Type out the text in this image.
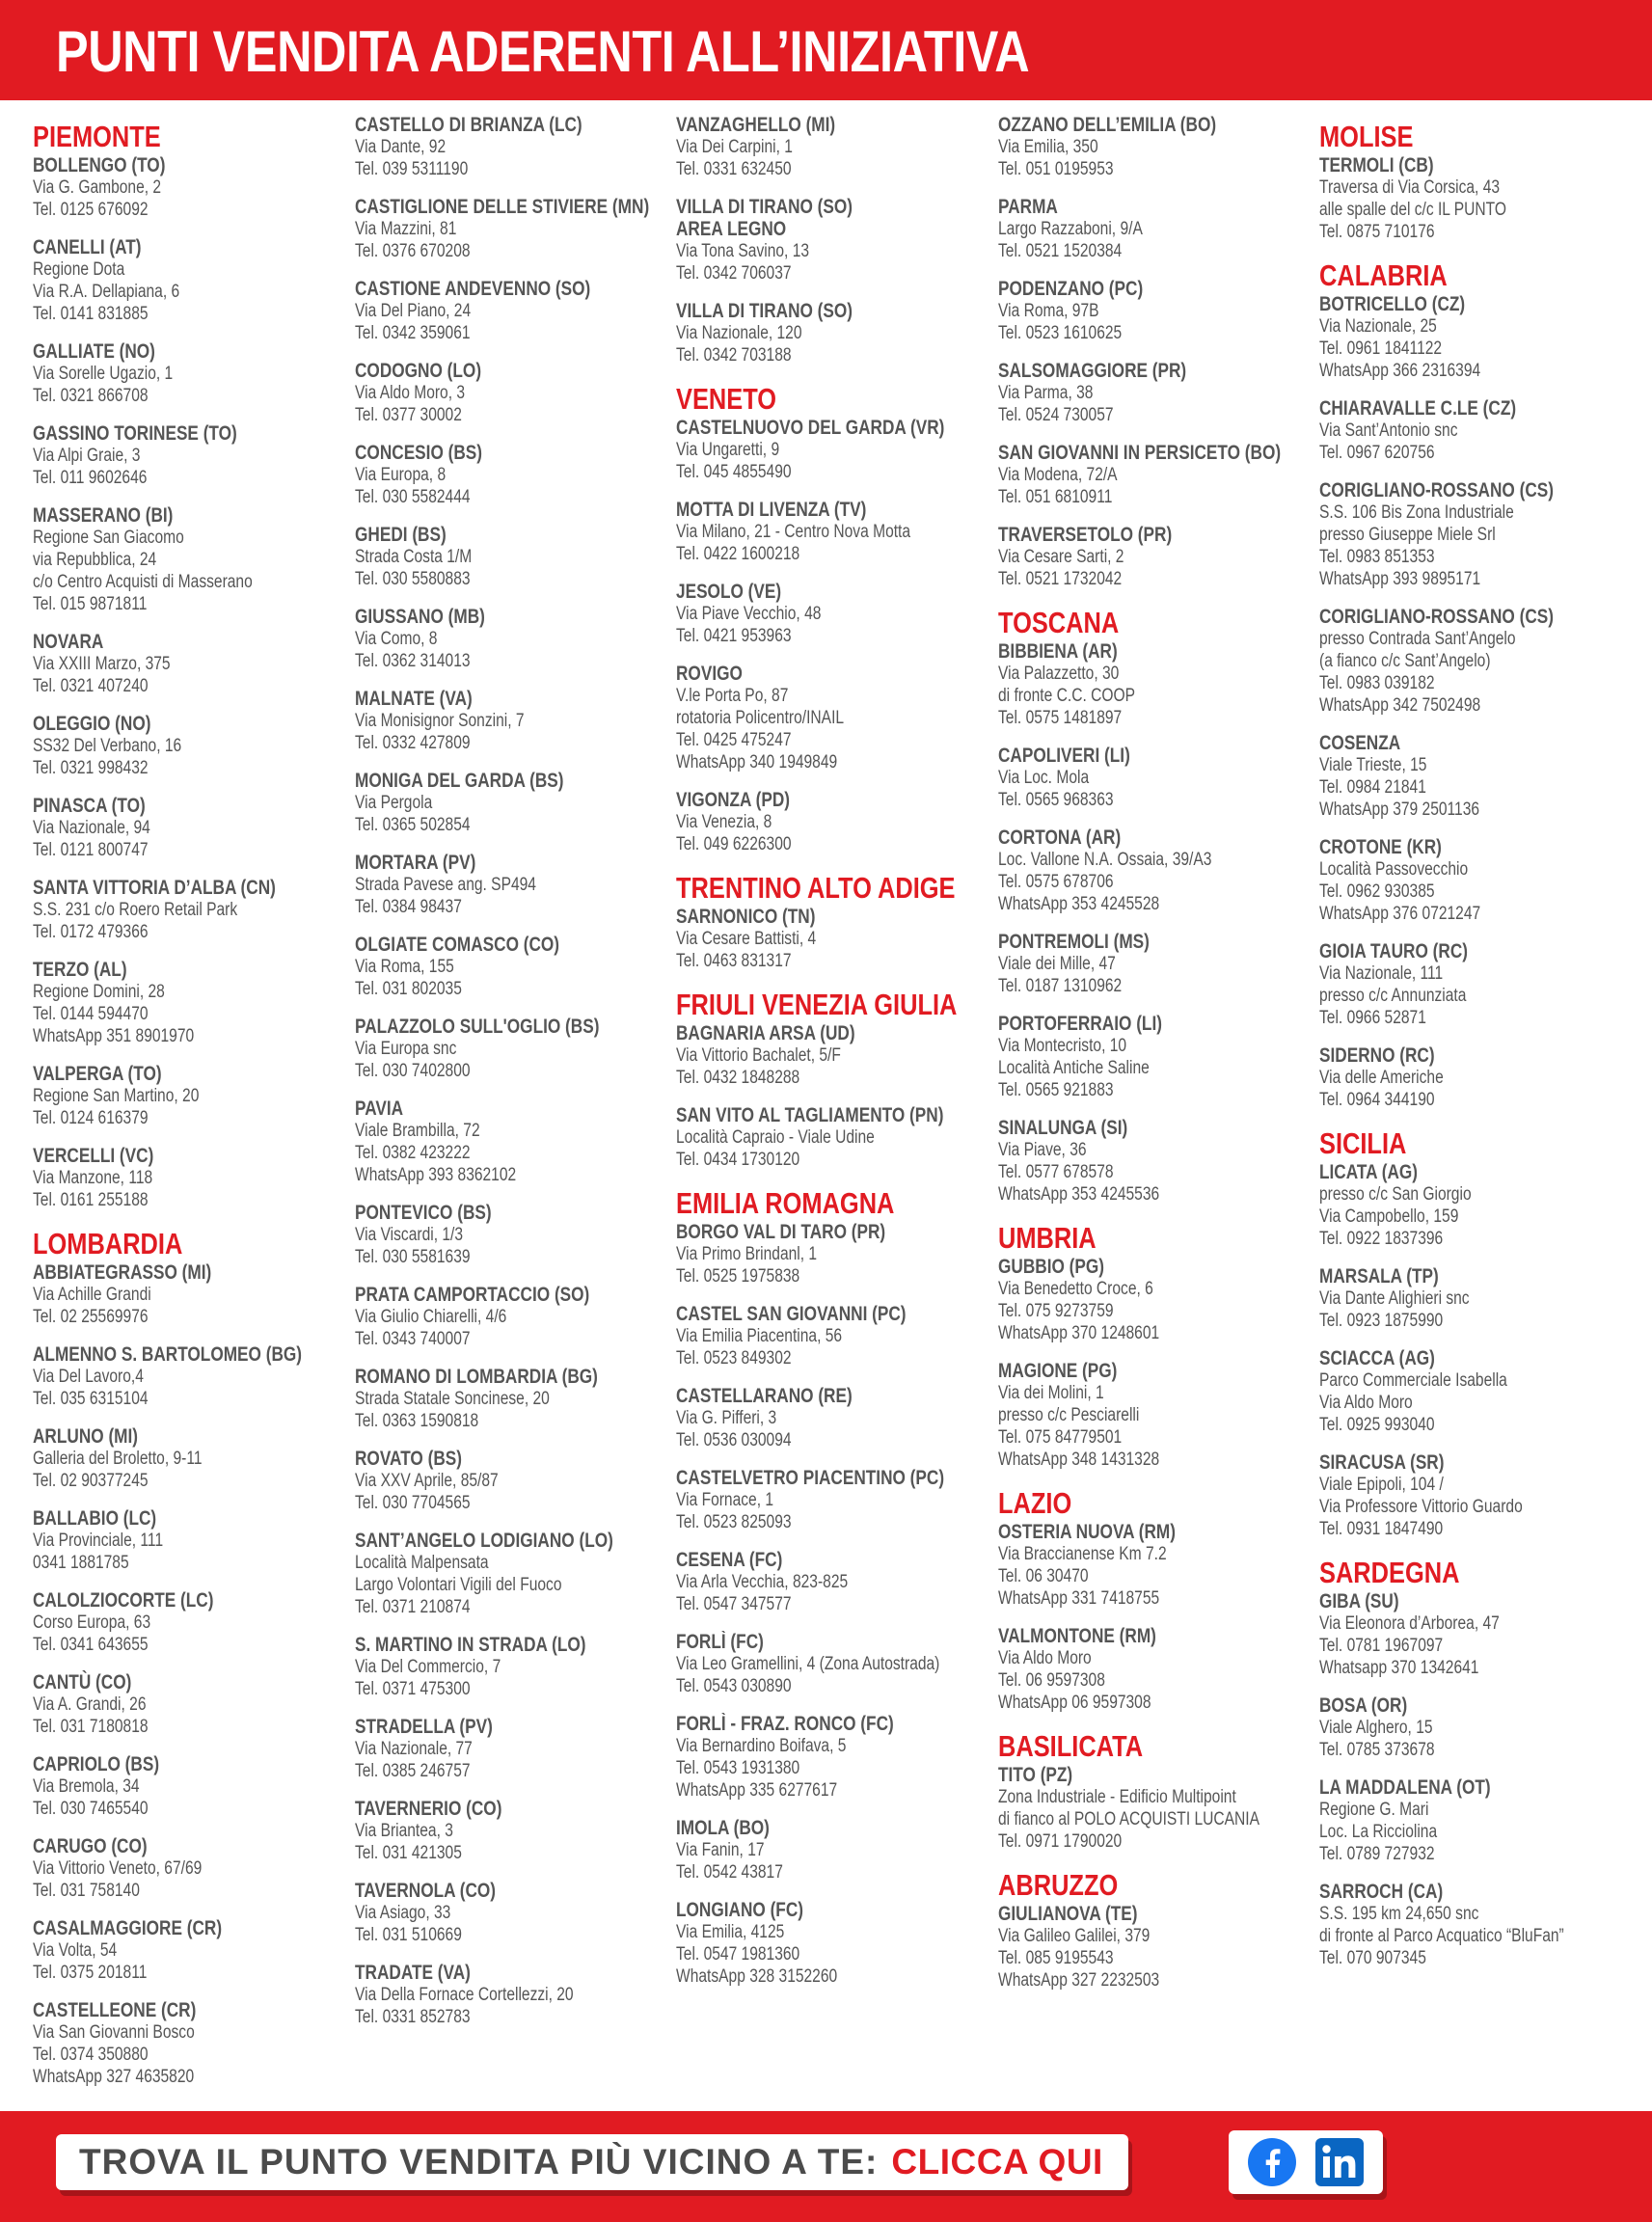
PUNTI VENDITA ADERENTI ALL’INIZIATIVA
PIEMONTE
BOLLENGO (TO)
Via G. Gambone, 2
Tel. 0125 676092
CANELLI (AT)
Regione Dota
Via R.A. Dellapiana, 6
Tel. 0141 831885
GALLIATE (NO)
Via Sorelle Ugazio, 1
Tel. 0321 866708
GASSINO TORINESE (TO)
Via Alpi Graie, 3
Tel. 011 9602646
MASSERANO (BI)
Regione San Giacomo
via Repubblica, 24
c/o Centro Acquisti di Masserano
Tel. 015 9871811
NOVARA
Via XXIII Marzo, 375
Tel. 0321 407240
OLEGGIO (NO)
SS32 Del Verbano, 16
Tel. 0321 998432
PINASCA (TO)
Via Nazionale, 94
Tel. 0121 800747
SANTA VITTORIA D’ALBA (CN)
S.S. 231 c/o Roero Retail Park
Tel. 0172 479366
TERZO (AL)
Regione Domini, 28
Tel. 0144 594470
WhatsApp 351 8901970
VALPERGA (TO)
Regione San Martino, 20
Tel. 0124 616379
VERCELLI (VC)
Via Manzone, 118
Tel. 0161 255188
LOMBARDIA
ABBIATEGRASSO (MI)
Via Achille Grandi
Tel. 02 25569976
ALMENNO S. BARTOLOMEO (BG)
Via Del Lavoro,4
Tel. 035 6315104
ARLUNO (MI)
Galleria del Broletto, 9-11
Tel. 02 90377245
BALLABIO (LC)
Via Provinciale, 111
0341 1881785
CALOLZIOCORTE (LC)
Corso Europa, 63
Tel. 0341 643655
CANTÙ (CO)
Via A. Grandi, 26
Tel. 031 7180818
CAPRIOLO (BS)
Via Bremola, 34
Tel. 030 7465540
CARUGO (CO)
Via Vittorio Veneto, 67/69
Tel. 031 758140
CASALMAGGIORE (CR)
Via Volta, 54
Tel. 0375 201811
CASTELLEONE (CR)
Via San Giovanni Bosco
Tel. 0374 350880
WhatsApp 327 4635820
CASTELLO DI BRIANZA (LC)
Via Dante, 92
Tel. 039 5311190
CASTIGLIONE DELLE STIVIERE (MN)
Via Mazzini, 81
Tel. 0376 670208
CASTIONE ANDEVENNO (SO)
Via Del Piano, 24
Tel. 0342 359061
CODOGNO (LO)
Via Aldo Moro, 3
Tel. 0377 30002
CONCESIO (BS)
Via Europa, 8
Tel. 030 5582444
GHEDI (BS)
Strada Costa 1/M
Tel. 030 5580883
GIUSSANO (MB)
Via Como, 8
Tel. 0362 314013
MALNATE (VA)
Via Monisignor Sonzini, 7
Tel. 0332 427809
MONIGA DEL GARDA (BS)
Via Pergola
Tel. 0365 502854
MORTARA (PV)
Strada Pavese ang. SP494
Tel. 0384 98437
OLGIATE COMASCO (CO)
Via Roma, 155
Tel. 031 802035
PALAZZOLO SULL'OGLIO (BS)
Via Europa snc
Tel. 030 7402800
PAVIA
Viale Brambilla, 72
Tel. 0382 423222
WhatsApp 393 8362102
PONTEVICO (BS)
Via Viscardi, 1/3
Tel. 030 5581639
PRATA CAMPORTACCIO (SO)
Via Giulio Chiarelli, 4/6
Tel. 0343 740007
ROMANO DI LOMBARDIA (BG)
Strada Statale Soncinese, 20
Tel. 0363 1590818
ROVATO (BS)
Via XXV Aprile, 85/87
Tel. 030 7704565
SANT’ANGELO LODIGIANO (LO)
Località Malpensata
Largo Volontari Vigili del Fuoco
Tel. 0371 210874
S. MARTINO IN STRADA (LO)
Via Del Commercio, 7
Tel. 0371 475300
STRADELLA (PV)
Via Nazionale, 77
Tel. 0385 246757
TAVERNERIO (CO)
Via Briantea, 3
Tel. 031 421305
TAVERNOLA (CO)
Via Asiago, 33
Tel. 031 510669
TRADATE (VA)
Via Della Fornace Cortellezzi, 20
Tel. 0331 852783
VANZAGHELLO (MI)
Via Dei Carpini, 1
Tel. 0331 632450
VILLA DI TIRANO (SO)
AREA LEGNO
Via Tona Savino, 13
Tel. 0342 706037
VILLA DI TIRANO (SO)
Via Nazionale, 120
Tel. 0342 703188
VENETO
CASTELNUOVO DEL GARDA (VR)
Via Ungaretti, 9
Tel. 045 4855490
MOTTA DI LIVENZA (TV)
Via Milano, 21 - Centro Nova Motta
Tel. 0422 1600218
JESOLO (VE)
Via Piave Vecchio, 48
Tel. 0421 953963
ROVIGO
V.le Porta Po, 87
rotatoria Policentro/INAIL
Tel. 0425 475247
WhatsApp 340 1949849
VIGONZA (PD)
Via Venezia, 8
Tel. 049 6226300
TRENTINO ALTO ADIGE
SARNONICO (TN)
Via Cesare Battisti, 4
Tel. 0463 831317
FRIULI VENEZIA GIULIA
BAGNARIA ARSA (UD)
Via Vittorio Bachalet, 5/F
Tel. 0432 1848288
SAN VITO AL TAGLIAMENTO (PN)
Località Capraio - Viale Udine
Tel. 0434 1730120
EMILIA ROMAGNA
BORGO VAL DI TARO (PR)
Via Primo Brindanl, 1
Tel. 0525 1975838
CASTEL SAN GIOVANNI (PC)
Via Emilia Piacentina, 56
Tel. 0523 849302
CASTELLARANO (RE)
Via G. Pifferi, 3
Tel. 0536 030094
CASTELVETRO PIACENTINO (PC)
Via Fornace, 1
Tel. 0523 825093
CESENA (FC)
Via Arla Vecchia, 823-825
Tel. 0547 347577
FORLÌ (FC)
Via Leo Gramellini, 4 (Zona Autostrada)
Tel. 0543 030890
FORLÌ - FRAZ. RONCO (FC)
Via Bernardino Boifava, 5
Tel. 0543 1931380
WhatsApp 335 6277617
IMOLA (BO)
Via Fanin, 17
Tel. 0542 43817
LONGIANO (FC)
Via Emilia, 4125
Tel. 0547 1981360
WhatsApp 328 3152260
OZZANO DELL’EMILIA (BO)
Via Emilia, 350
Tel. 051 0195953
PARMA
Largo Razzaboni, 9/A
Tel. 0521 1520384
PODENZANO (PC)
Via Roma, 97B
Tel. 0523 1610625
SALSOMAGGIORE (PR)
Via Parma, 38
Tel. 0524 730057
SAN GIOVANNI IN PERSICETO (BO)
Via Modena, 72/A
Tel. 051 6810911
TRAVERSETOLO (PR)
Via Cesare Sarti, 2
Tel. 0521 1732042
TOSCANA
BIBBIENA (AR)
Via Palazzetto, 30
di fronte C.C. COOP
Tel. 0575 1481897
CAPOLIVERI (LI)
Via Loc. Mola
Tel. 0565 968363
CORTONA (AR)
Loc. Vallone N.A. Ossaia, 39/A3
Tel. 0575 678706
WhatsApp 353 4245528
PONTREMOLI (MS)
Viale dei Mille, 47
Tel. 0187 1310962
PORTOFERRAIO (LI)
Via Montecristo, 10
Località Antiche Saline
Tel. 0565 921883
SINALUNGA (SI)
Via Piave, 36
Tel. 0577 678578
WhatsApp 353 4245536
UMBRIA
GUBBIO (PG)
Via Benedetto Croce, 6
Tel. 075 9273759
WhatsApp 370 1248601
MAGIONE (PG)
Via dei Molini, 1
presso c/c Pesciarelli
Tel. 075 84779501
WhatsApp 348 1431328
LAZIO
OSTERIA NUOVA (RM)
Via Braccianense Km 7.2
Tel. 06 30470
WhatsApp 331 7418755
VALMONTONE (RM)
Via Aldo Moro
Tel. 06 9597308
WhatsApp 06 9597308
BASILICATA
TITO (PZ)
Zona Industriale - Edificio Multipoint
di fianco al POLO ACQUISTI LUCANIA
Tel. 0971 1790020
ABRUZZO
GIULIANOVA (TE)
Via Galileo Galilei, 379
Tel. 085 9195543
WhatsApp 327 2232503
MOLISE
TERMOLI (CB)
Traversa di Via Corsica, 43
alle spalle del c/c IL PUNTO
Tel. 0875 710176
CALABRIA
BOTRICELLO (CZ)
Via Nazionale, 25
Tel. 0961 1841122
WhatsApp 366 2316394
CHIARAVALLE C.LE (CZ)
Via Sant’Antonio snc
Tel. 0967 620756
CORIGLIANO-ROSSANO (CS)
S.S. 106 Bis Zona Industriale
presso Giuseppe Miele Srl
Tel. 0983 851353
WhatsApp 393 9895171
CORIGLIANO-ROSSANO (CS)
presso Contrada Sant’Angelo
(a fianco c/c Sant’Angelo)
Tel. 0983 039182
WhatsApp 342 7502498
COSENZA
Viale Trieste, 15
Tel. 0984 21841
WhatsApp 379 2501136
CROTONE (KR)
Località Passovecchio
Tel. 0962 930385
WhatsApp 376 0721247
GIOIA TAURO (RC)
Via Nazionale, 111
presso c/c Annunziata
Tel. 0966 52871
SIDERNO (RC)
Via delle Americhe
Tel. 0964 344190
SICILIA
LICATA (AG)
presso c/c San Giorgio
Via Campobello, 159
Tel. 0922 1837396
MARSALA (TP)
Via Dante Alighieri snc
Tel. 0923 1875990
SCIACCA (AG)
Parco Commerciale Isabella
Via Aldo Moro
Tel. 0925 993040
SIRACUSA (SR)
Viale Epipoli, 104 /
Via Professore Vittorio Guardo
Tel. 0931 1847490
SARDEGNA
GIBA (SU)
Via Eleonora d’Arborea, 47
Tel. 0781 1967097
Whatsapp 370 1342641
BOSA (OR)
Viale Alghero, 15
Tel. 0785 373678
LA MADDALENA (OT)
Regione G. Mari
Loc. La Ricciolina
Tel. 0789 727932
SARROCH (CA)
S.S. 195 km 24,650 snc
di fronte al Parco Acquatico “BluFan”
Tel. 070 907345
TROVA IL PUNTO VENDITA PIÙ VICINO A TE: CLICCA QUI
